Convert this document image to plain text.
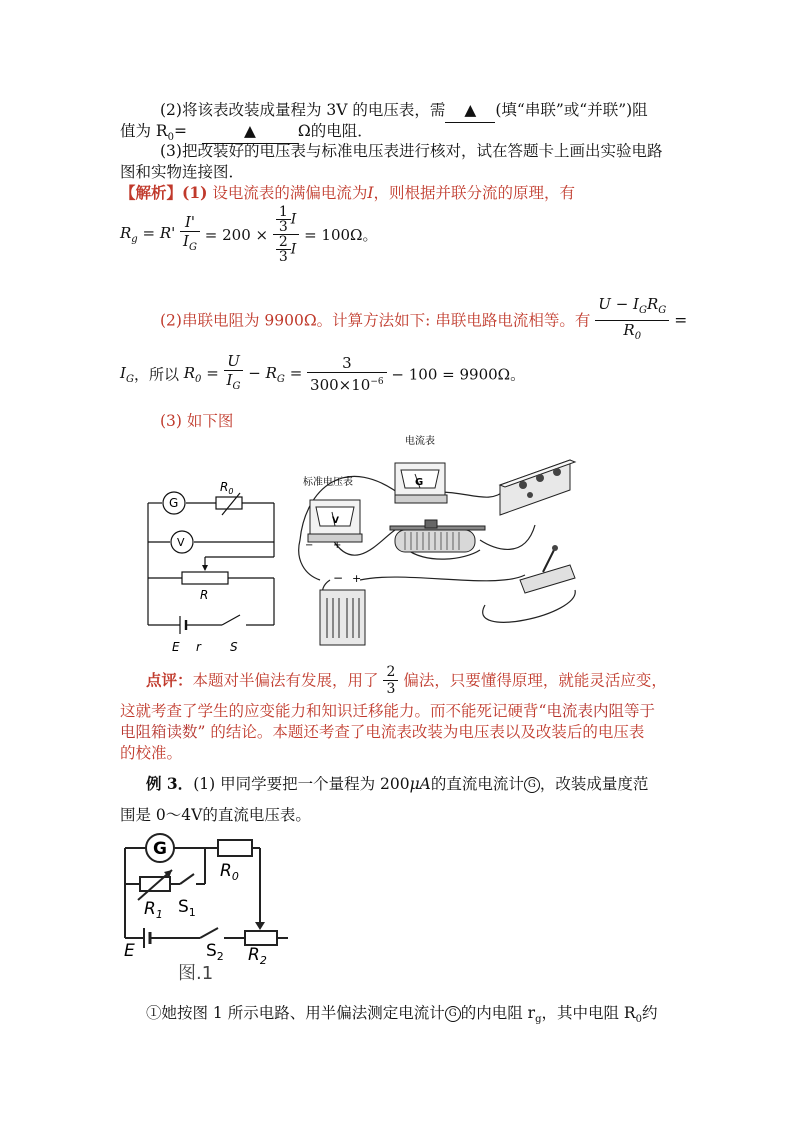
(2)将该表改装成量程为 3V 的电压表，需 ▲ (填“串联”或“并联”)阻
值为 $R_0=$	▲	Ω的电阻．
(3)把改装好的电压表与标准电压表进行核对，试在答题卡上画出实验电路
图和实物连接图．
【解析】(1) 设电流表的满偏电流为I，则根据并联分流的原理，有
$R_g = R' \frac{I'}{I_G} = 200 \times \frac{\frac{1}{3} I}{\frac{2}{3} I} = 100\Omega$。
(2)串联电阻为 9900Ω。计算方法如下: 串联电路电流相等。有 $\frac{U - I_GR_G}{R_0}$ =
$I_G$，所以 $R_0 = \frac{U}{I_G} - R_G = \frac{3}{300\times 10^{-6}} - 100 = 9900\Omega$。
(3) 如下图
G
V
$R_0$
R
E r S
G
电流表
V
标准电压表
− +
− +
点评：本题对半偏法有发展，用了 $\frac{2}{3}$ 偏法，只要懂得原理，就能灵活应变，
这就考查了学生的应变能力和知识迁移能力。而不能死记硬背“电流表内阻等于
电阻箱读数” 的结论。本题还考查了电流表改装为电压表以及改装后的电压表
的校准。
例 3．(1) 甲同学要把一个量程为 200μA的直流电流计 G ，改装成量度范
围是 0～4V的直流电压表。
G
$R_0$
$R_1$ $S_1$
E	$S_2$ $R_2$
图.1
①她按图 1 所示电路、用半偏法测定电流计 G 的内电阻 $r_g$，其中电阻 $R_0$约
